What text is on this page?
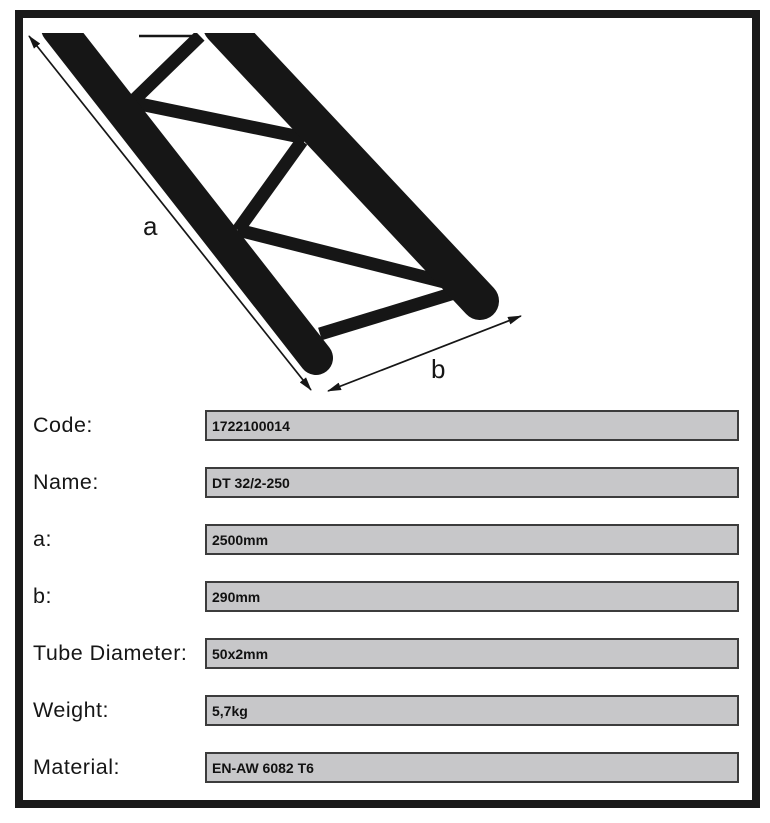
a
b
Code:	1722100014
Name:	DT 32/2-250
a:	2500mm
b:	290mm
Tube Diameter:	50x2mm
Weight:	5,7kg
Material:	EN-AW 6082 T6
